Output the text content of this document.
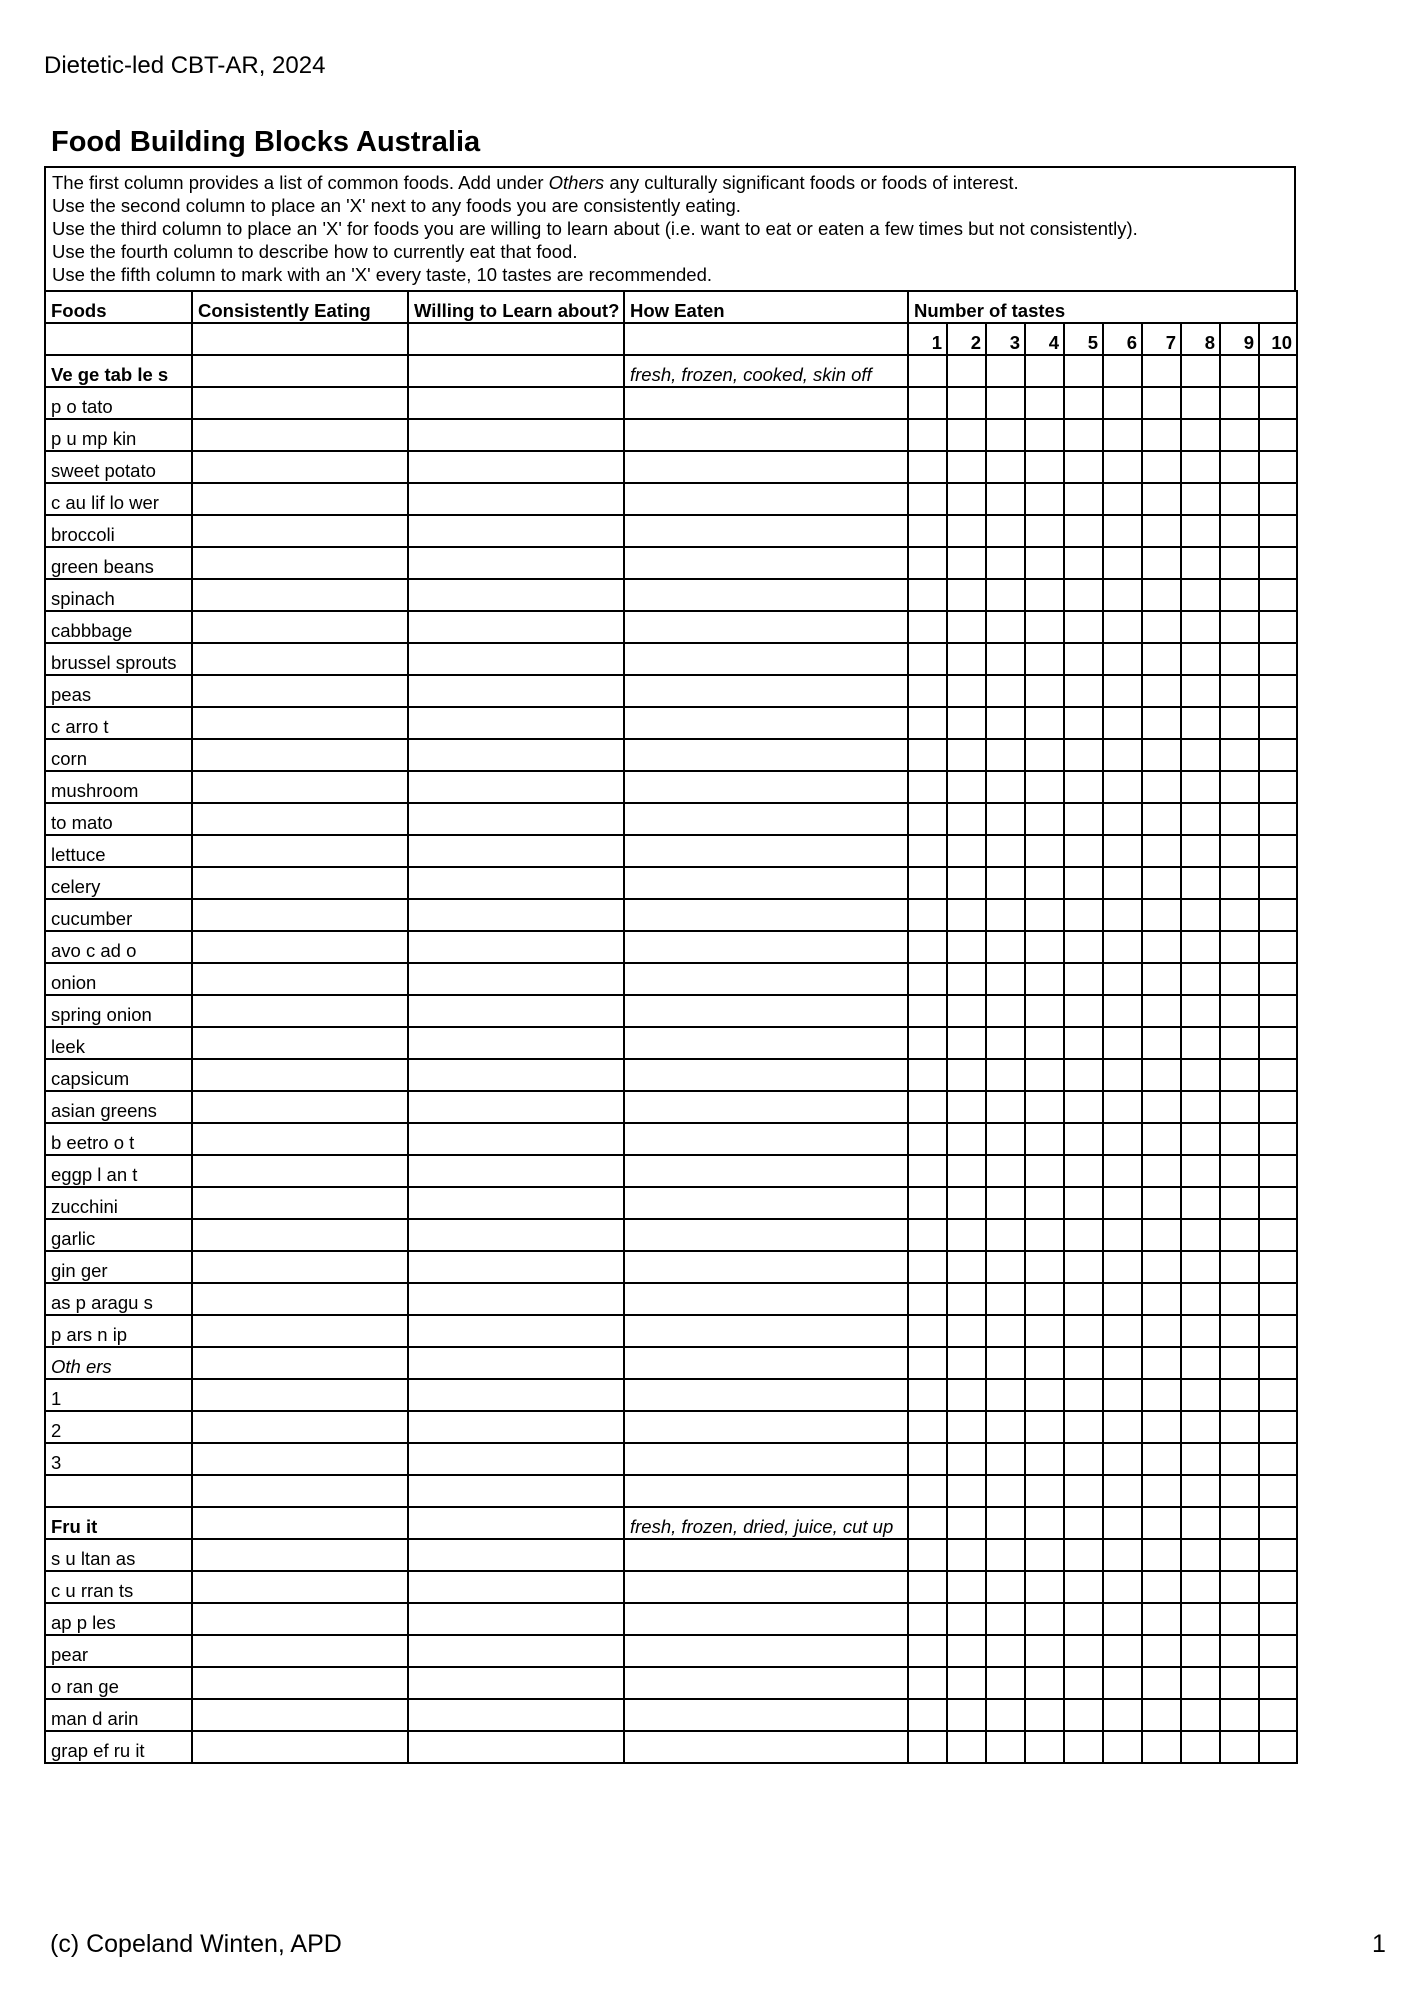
Dietetic-led CBT-AR, 2024
Food Building Blocks Australia
The first column provides a list of common foods. Add under Others any culturally significant foods or foods of interest.
Use the second column to place an 'X' next to any foods you are consistently eating.
Use the third column to place an 'X' for foods you are willing to learn about (i.e. want to eat or eaten a few times but not consistently).
Use the fourth column to describe how to currently eat that food.
Use the fifth column to mark with an 'X' every taste, 10 tastes are recommended.
Foods	Consistently Eating	Willing to Learn about?	How Eaten	Number of tastes									
				1	2	3	4	5	6	7	8	9	10
Ve ge tab le s			fresh, frozen, cooked, skin off										
p o tato													
p u mp kin													
sweet potato													
c au lif lo wer													
broccoli													
green beans													
spinach													
cabbbage													
brussel sprouts													
peas													
c arro t													
corn													
mushroom													
to mato													
lettuce													
celery													
cucumber													
avo c ad o													
onion													
spring onion													
leek													
capsicum													
asian greens													
b eetro o t													
eggp l an t													
zucchini													
garlic													
gin ger													
as p aragu s													
p ars n ip													
Oth ers													
1													
2													
3													

Fru it			fresh, frozen, dried, juice, cut up										
s u ltan as													
c u rran ts													
ap p les													
pear													
o ran ge													
man d arin													
grap ef ru it													
(c) Copeland Winten, APD	1
